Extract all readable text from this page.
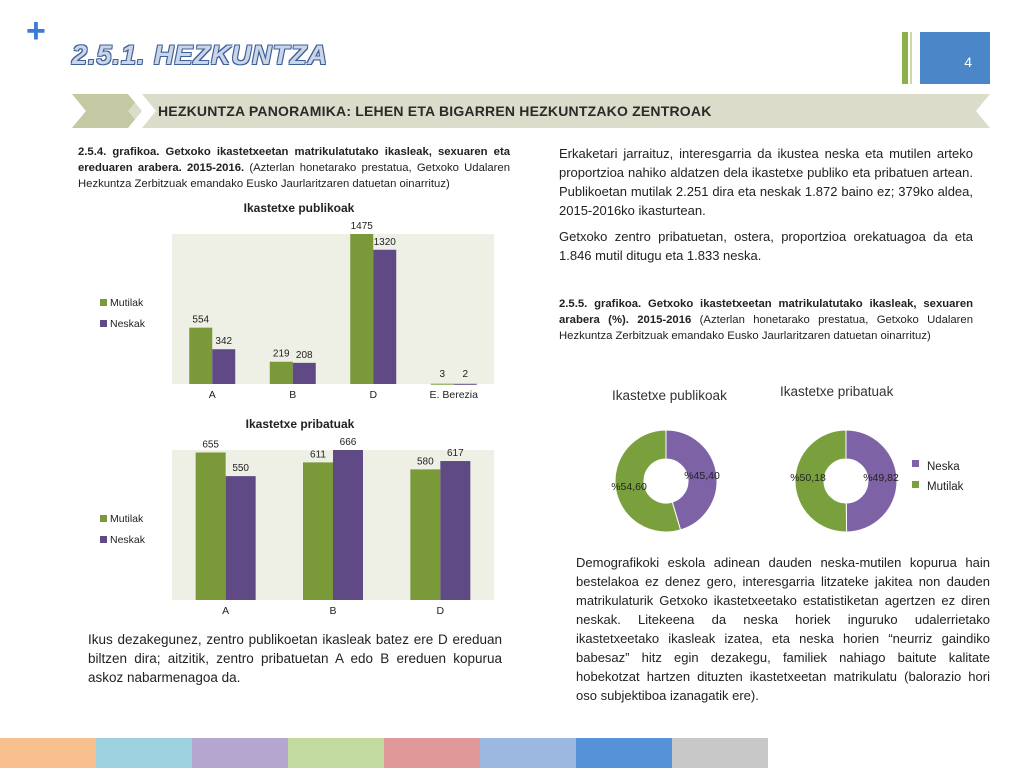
+
2.5.1. HEZKUNTZA	4
HEZKUNTZA PANORAMIKA: LEHEN ETA BIGARREN HEZKUNTZAKO ZENTROAK

2.5.4. grafikoa. Getxoko ikastetxeetan matrikulatutako ikasleak, sexuaren eta ereduaren arabera. 2015-2016. (Azterlan honetarako prestatua, Getxoko Udalaren Hezkuntza Zerbitzuak emandako Eusko Jaurlaritzaren datuetan oinarrituz)

Ikastetxe publikoak
554
342
A
219 208
B
1475
1320
D
3 2
E. Berezia
Mutilak
Neskak
Ikastetxe pribatuak
655
550
A
611
666
B
580
617
D
Mutilak
Neskak

Ikus dezakegunez, zentro publikoetan ikasleak batez ere D ereduan biltzen dira; aitzitik, zentro pribatuetan A edo B ereduen kopurua askoz nabarmenagoa da.

Erkaketari jarraituz, interesgarria da ikustea neska eta mutilen arteko proportzioa nahiko aldatzen dela ikastetxe publiko eta pribatuen artean. Publikoetan mutilak 2.251 dira eta neskak 1.872 baino ez; 379ko aldea, 2015-2016ko ikasturtean.

Getxoko zentro pribatuetan, ostera, proportzioa orekatuagoa da eta 1.846 mutil ditugu eta 1.833 neska.

2.5.5. grafikoa. Getxoko ikastetxeetan matrikulatutako ikasleak, sexuaren arabera (%). 2015-2016 (Azterlan honetarako prestatua, Getxoko Udalaren Hezkuntza Zerbitzuak emandako Eusko Jaurlaritzaren datuetan oinarrituz)

Ikastetxe publikoak	Ikastetxe pribatuak
%45,40
%54,60
%49,82
%50,18
Neska
Mutilak

Demografikoki eskola adinean dauden neska-mutilen kopurua hain bestelakoa ez denez gero, interesgarria litzateke jakitea non dauden matrikulaturik Getxoko ikastetxeetako estatistiketan agertzen ez diren neskak. Litekeena da neska horiek inguruko udalerrietako ikastetxeetako ikasleak izatea, eta neska horien “neurriz gaindiko babesaz” hitz egin dezakegu, familiek nahiago baitute kalitate hobekotzat hartzen dituzten ikastetxeetan matrikulatu (balorazio hori oso subjektiboa izanagatik ere).
